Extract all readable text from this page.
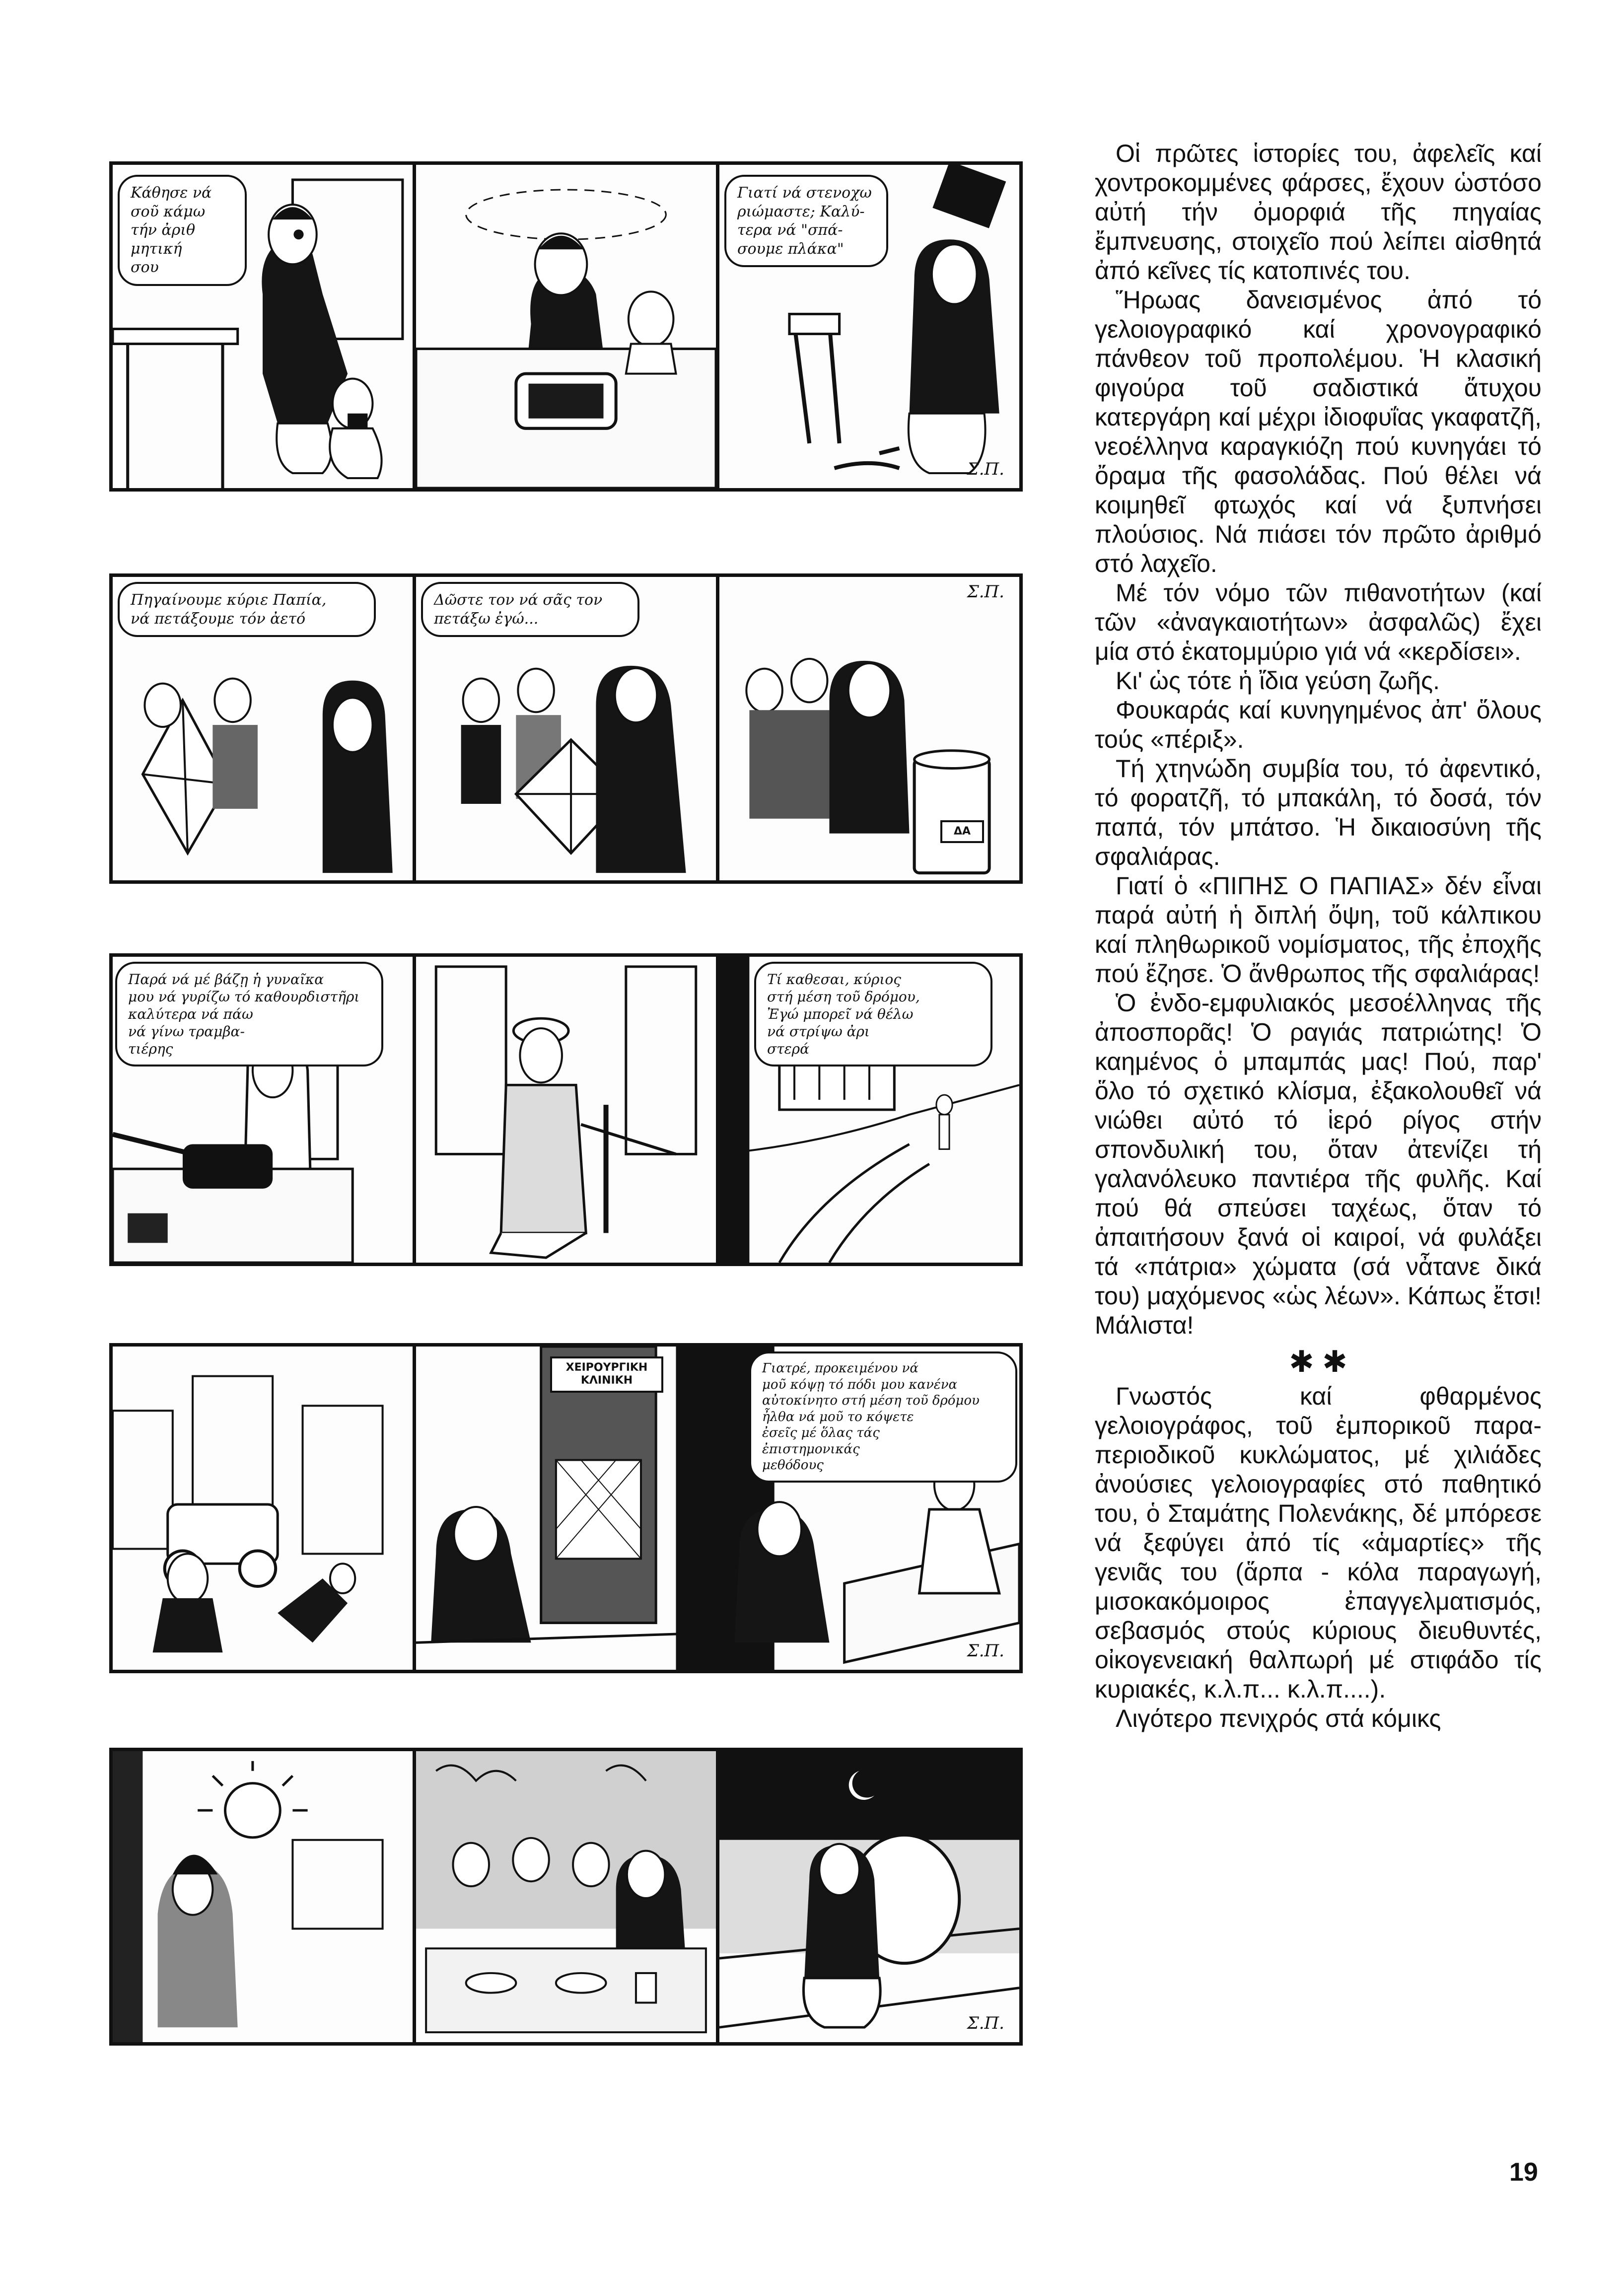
Κάθησε νά
σοῦ κάμω
τήν ἀριθ
μητική
σου
Γιατί νά στενοχω
ριώμαστε; Καλύ-
τερα νά "σπά-
σουμε πλάκα"
Σ.Π.
Πηγαίνουμε κύριε Παπία,
νά πετάξουμε τόν ἀετό
Δῶστε τον νά σᾶς τον
πετάξω ἐγώ...
ΔΑ
Σ.Π.
Παρά νά μέ βάζῃ ἡ γυναῖκα
μου νά γυρίζω τό καθουρδιστῆρι
καλύτερα νά πάω
νά γίνω τραμβα-
τιέρης
Τί καθεσαι, κύριος
στή μέση τοῦ δρόμου,
Ἐγώ μπορεῖ νά θέλω
νά στρίψω ἀρι
στερά
ΧΕΙΡΟΥΡΓΙΚΗ
ΚΛΙΝΙΚΗ
Γιατρέ, προκειμένου νά
μοῦ κόψῃ τό πόδι μου κανένα
αὐτοκίνητο στή μέση τοῦ δρόμου
ἦλθα νά μοῦ το κόψετε
ἐσεῖς μέ ὅλας τάς
ἐπιστημονικάς
μεθόδους
Σ.Π.
Σ.Π.

Οἱ πρῶτες ἱστορίες του, ἀφελεῖς καί χοντροκομμένες φάρσες, ἔχουν ὡστόσο αὐτή τήν ὀμορφιά τῆς πηγαίας ἔμπνευσης, στοιχεῖο πού λείπει αἰσθητά ἀπό κεῖνες τίς κατοπινές του.

Ἥρωας δανεισμένος ἀπό τό γελοιογραφικό καί χρονογραφικό πάνθεον τοῦ προπολέμου. Ἡ κλασική φιγούρα τοῦ σαδιστικά ἄτυχου κατεργάρη καί μέχρι ἰδιοφυΐας γκαφατζῆ, νεοέλληνα καραγκιόζη πού κυνηγάει τό ὄραμα τῆς φασολάδας. Πού θέλει νά κοιμηθεῖ φτωχός καί νά ξυπνήσει πλούσιος. Νά πιάσει τόν πρῶτο ἀριθμό στό λαχεῖο.

Μέ τόν νόμο τῶν πιθανοτήτων (καί τῶν «ἀναγκαιοτήτων» ἀσφαλῶς) ἔχει μία στό ἑκατομμύριο γιά νά «κερδίσει».

Κι' ὡς τότε ἡ ἴδια γεύση ζωῆς.

Φουκαράς καί κυνηγημένος ἀπ' ὅλους τούς «πέριξ».

Τή χτηνώδη συμβία του, τό ἀφεντικό, τό φορατζῆ, τό μπακάλη, τό δοσά, τόν παπά, τόν μπάτσο. Ἡ δικαιοσύνη τῆς σφαλιάρας.

Γιατί ὁ «ΠΙΠΗΣ Ο ΠΑΠΙΑΣ» δέν εἶναι παρά αὐτή ἡ διπλή ὄψη, τοῦ κάλπικου καί πληθωρικοῦ νομίσματος, τῆς ἐποχῆς πού ἔζησε. Ὁ ἄνθρωπος τῆς σφαλιάρας!

Ὁ ἐνδο-εμφυλιακός μεσοέλληνας τῆς ἀποσπορᾶς! Ὁ ραγιάς πατριώτης! Ὁ καημένος ὁ μπαμπάς μας! Πού, παρ' ὅλο τό σχετικό κλίσμα, ἐξακολουθεῖ νά νιώθει αὐτό τό ἱερό ρίγος στήν σπονδυλική του, ὅταν ἀτενίζει τή γαλανόλευκο παντιέρα τῆς φυλῆς. Καί πού θά σπεύσει ταχέως, ὅταν τό ἀπαιτήσουν ξανά οἱ καιροί, νά φυλάξει τά «πάτρια» χώματα (σά νἆτανε δικά του) μαχόμενος «ὡς λέων». Κάπως ἔτσι! Μάλιστα!

✱ ✱

Γνωστός καί φθαρμένος γελοιογράφος, τοῦ ἐμπορικοῦ παρα-περιοδικοῦ κυκλώματος, μέ χιλιάδες ἀνούσιες γελοιογραφίες στό παθητικό του, ὁ Σταμάτης Πολενάκης, δέ μπόρεσε νά ξεφύγει ἀπό τίς «ἁμαρτίες» τῆς γενιᾶς του (ἅρπα - κόλα παραγωγή, μισοκακόμοιρος ἐπαγγελματισμός, σεβασμός στούς κύριους διευθυντές, οἰκογενειακή θαλπωρή μέ στιφάδο τίς κυριακές, κ.λ.π... κ.λ.π....).

Λιγότερο πενιχρός στά κόμικς

19
